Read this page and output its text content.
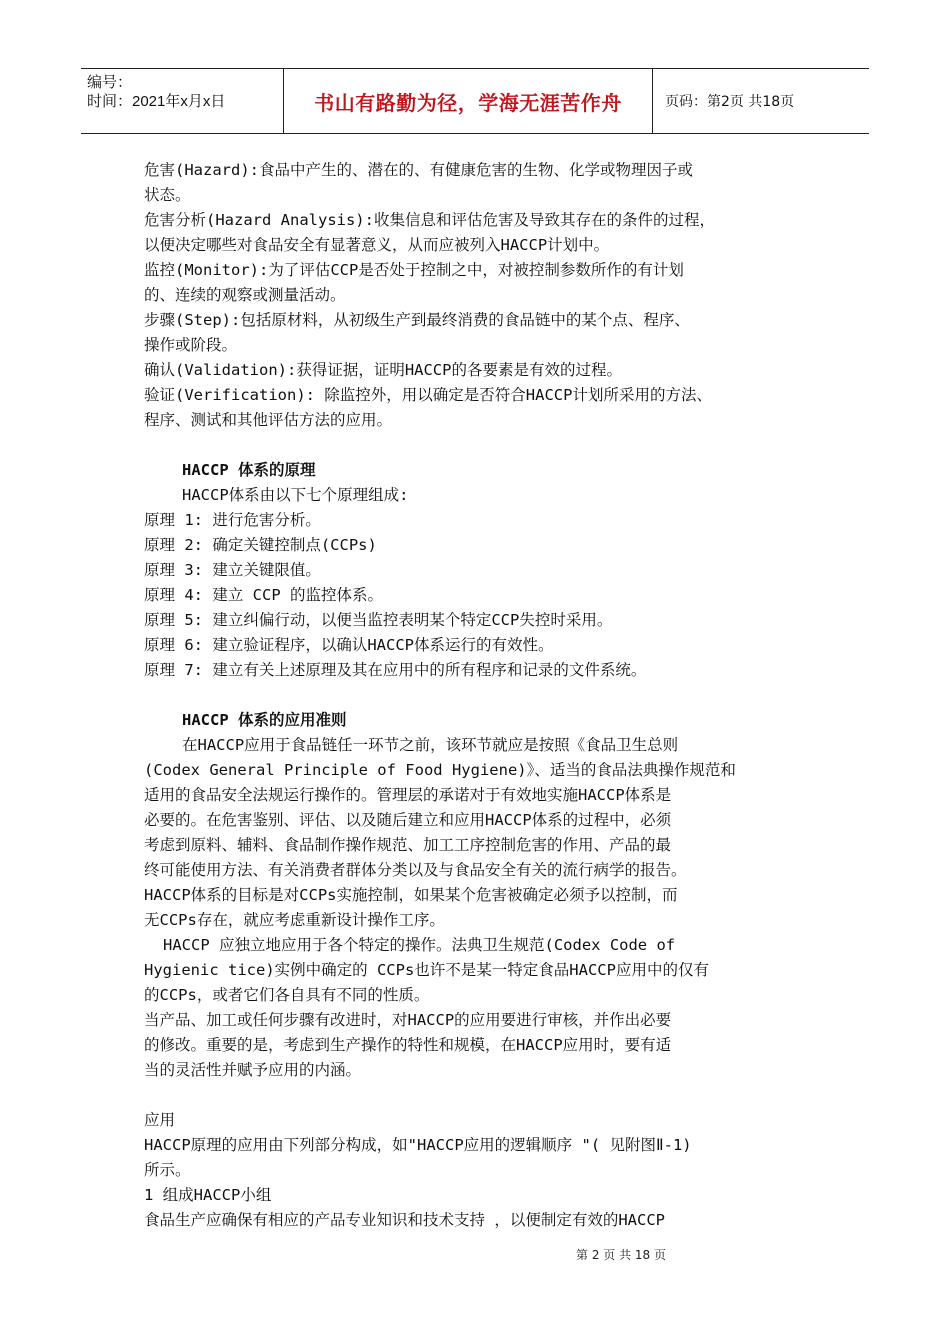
编号：
时间：2021年x月x日	书山有路勤为径，学海无涯苦作舟	页码：第2页 共18页

危害(Hazard):食品中产生的、潜在的、有健康危害的生物、化学或物理因子或

状态。

危害分析(Hazard Analysis):收集信息和评估危害及导致其存在的条件的过程，

以便决定哪些对食品安全有显著意义，从而应被列入HACCP计划中。

监控(Monitor):为了评估CCP是否处于控制之中，对被控制参数所作的有计划

的、连续的观察或测量活动。

步骤(Step):包括原材料，从初级生产到最终消费的食品链中的某个点、程序、

操作或阶段。

确认(Validation):获得证据，证明HACCP的各要素是有效的过程。

验证(Verification): 除监控外，用以确定是否符合HACCP计划所采用的方法、

程序、测试和其他评估方法的应用。

HACCP 体系的原理

HACCP体系由以下七个原理组成:

原理 1: 进行危害分析。

原理 2: 确定关键控制点(CCPs)

原理 3: 建立关键限值。

原理 4: 建立 CCP 的监控体系。

原理 5: 建立纠偏行动，以便当监控表明某个特定CCP失控时采用。

原理 6: 建立验证程序，以确认HACCP体系运行的有效性。

原理 7: 建立有关上述原理及其在应用中的所有程序和记录的文件系统。

HACCP 体系的应用准则

在HACCP应用于食品链任一环节之前，该环节就应是按照《食品卫生总则

(Codex General Principle of Food Hygiene)》、适当的食品法典操作规范和

适用的食品安全法规运行操作的。管理层的承诺对于有效地实施HACCP体系是

必要的。在危害鉴别、评估、以及随后建立和应用HACCP体系的过程中，必须

考虑到原料、辅料、食品制作操作规范、加工工序控制危害的作用、产品的最

终可能使用方法、有关消费者群体分类以及与食品安全有关的流行病学的报告。

HACCP体系的目标是对CCPs实施控制，如果某个危害被确定必须予以控制，而

无CCPs存在，就应考虑重新设计操作工序。

HACCP 应独立地应用于各个特定的操作。法典卫生规范(Codex Code of

Hygienic tice)实例中确定的 CCPs也许不是某一特定食品HACCP应用中的仅有

的CCPs，或者它们各自具有不同的性质。

当产品、加工或任何步骤有改进时，对HACCP的应用要进行审核，并作出必要

的修改。重要的是，考虑到生产操作的特性和规模，在HACCP应用时，要有适

当的灵活性并赋予应用的内涵。

应用

HACCP原理的应用由下列部分构成，如"HACCP应用的逻辑顺序 "( 见附图Ⅱ-1)

所示。

1 组成HACCP小组

食品生产应确保有相应的产品专业知识和技术支持 ，以便制定有效的HACCP

第 2 页 共 18 页
